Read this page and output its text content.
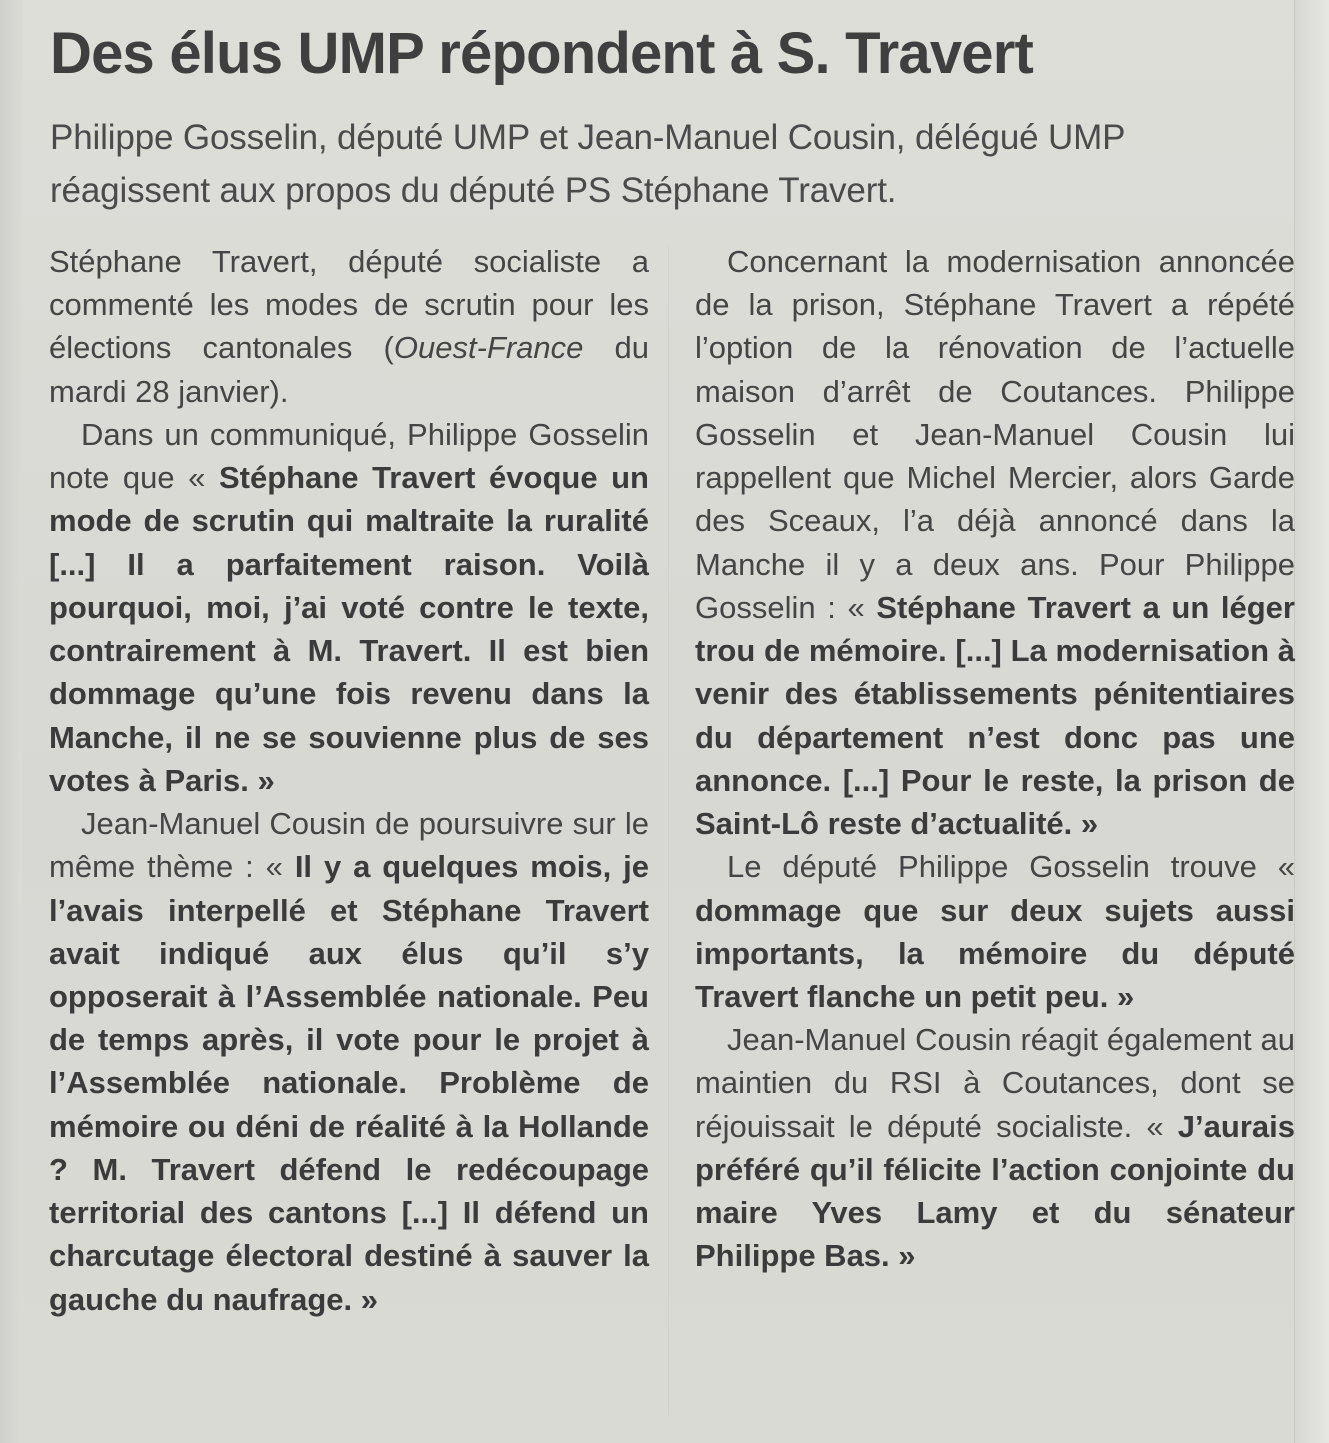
Des élus UMP répondent à S. Travert

Philippe Gosselin, député UMP et Jean-Manuel Cousin, délégué UMP réagissent aux propos du député PS Stéphane Travert.

Stéphane Travert, député socialiste a commenté les modes de scrutin pour les élections cantonales (Ouest-France du mardi 28 janvier).

Dans un communiqué, Philippe Gosselin note que « Stéphane Travert évoque un mode de scrutin qui maltraite la ruralité [...] Il a parfaitement raison. Voilà pourquoi, moi, j’ai voté contre le texte, contrairement à M. Travert. Il est bien dommage qu’une fois revenu dans la Manche, il ne se souvienne plus de ses votes à Paris. »

Jean-Manuel Cousin de poursuivre sur le même thème : « Il y a quelques mois, je l’avais interpellé et Stéphane Travert avait indiqué aux élus qu’il s’y opposerait à l’Assemblée nationale. Peu de temps après, il vote pour le projet à l’Assemblée nationale. Problème de mémoire ou déni de réalité à la Hollande ? M. Travert défend le redécoupage territorial des cantons [...] Il défend un charcutage électoral destiné à sauver la gauche du naufrage. »

Concernant la modernisation annoncée de la prison, Stéphane Travert a répété l’option de la rénovation de l’actuelle maison d’arrêt de Coutances. Philippe Gosselin et Jean-Manuel Cousin lui rappellent que Michel Mercier, alors Garde des Sceaux, l’a déjà annoncé dans la Manche il y a deux ans. Pour Philippe Gosselin : « Stéphane Travert a un léger trou de mémoire. [...] La modernisation à venir des établissements pénitentiaires du département n’est donc pas une annonce. [...] Pour le reste, la prison de Saint-Lô reste d’actualité. »

Le député Philippe Gosselin trouve « dommage que sur deux sujets aussi importants, la mémoire du député Travert flanche un petit peu. »

Jean-Manuel Cousin réagit également au maintien du RSI à Coutances, dont se réjouissait le député socialiste. « J’aurais préféré qu’il félicite l’action conjointe du maire Yves Lamy et du sénateur Philippe Bas. »
